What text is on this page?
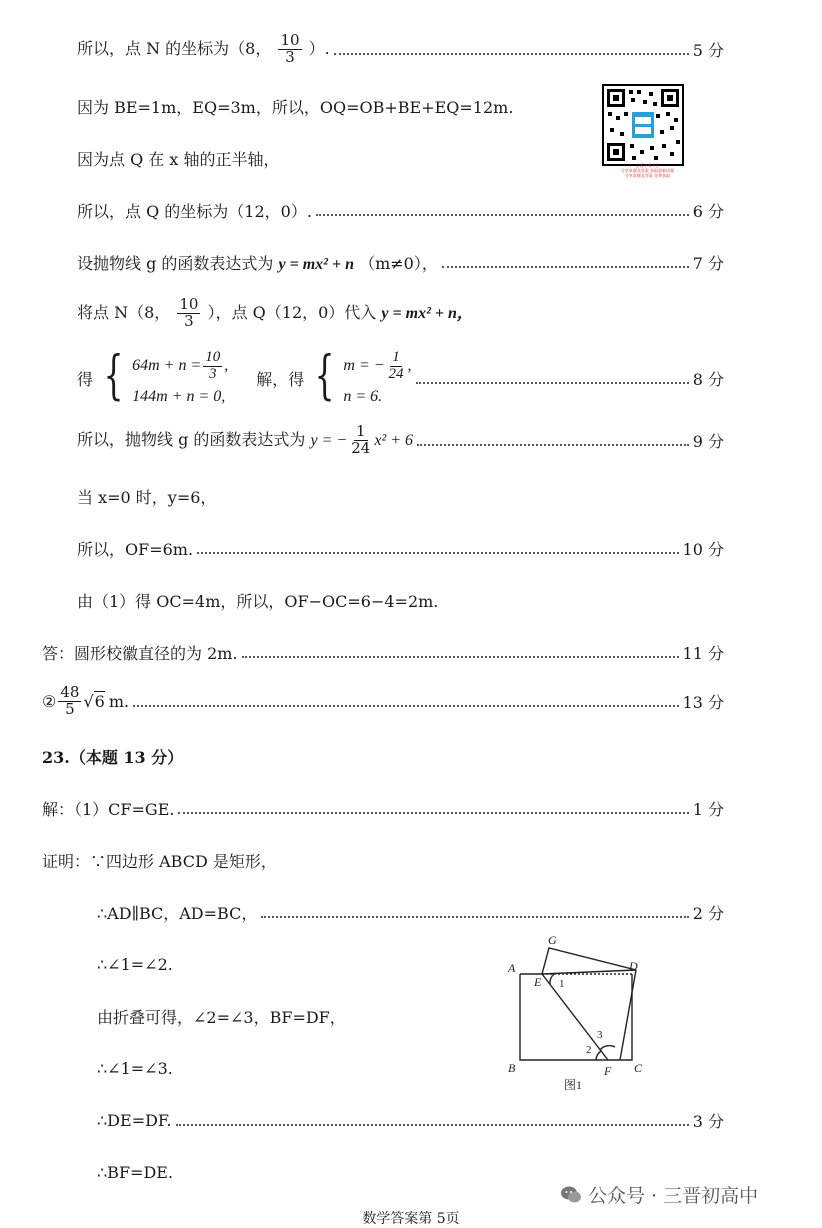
所以，点 N 的坐标为（8， $\frac{10}{3}$ ）.	5 分
因为 BE=1m，EQ=3m，所以，OQ=OB+BE+EQ=12m.
山西中考平台
分享真题及答案 获取最新试题
分享真题及答案 免费获取
因为点 Q 在 x 轴的正半轴，
所以，点 Q 的坐标为（12，0）.	6 分
设抛物线 g 的函数表达式为 y = mx² + n （m≠0），	7 分
将点 N（8， $\frac{10}{3}$ ），点 Q（12，0）代入 y = mx² + n，
得 { $64m + n = \frac{10}{3}$ ,
144m + n = 0,
解，得 { m = − $\frac{1}{24}$ ,
n = 6.
8 分
所以，抛物线 g 的函数表达式为 y = − $\frac{1}{24} x^2 + 6$	9 分
当 x=0 时，y=6，
所以，OF=6m.	10 分
由（1）得 OC=4m，所以，OF−OC=6−4=2m.
答：圆形校徽直径的为 2m.	11 分
② $\frac{48}{5}$ √ 6 m.	13 分
23.（本题 13 分）
解：（1）CF=GE.	1 分
证明：∵四边形 ABCD 是矩形，
∴AD∥BC，AD=BC，	2 分
∴∠1=∠2.
由折叠可得，∠2=∠3，BF=DF，
∴∠1=∠3.
∴DE=DF.	3 分
∴BF=DE.
A
B	C
D
E
F
G
1
2
3
图1
公众号 · 三晋初高中
数学答案第 5页
